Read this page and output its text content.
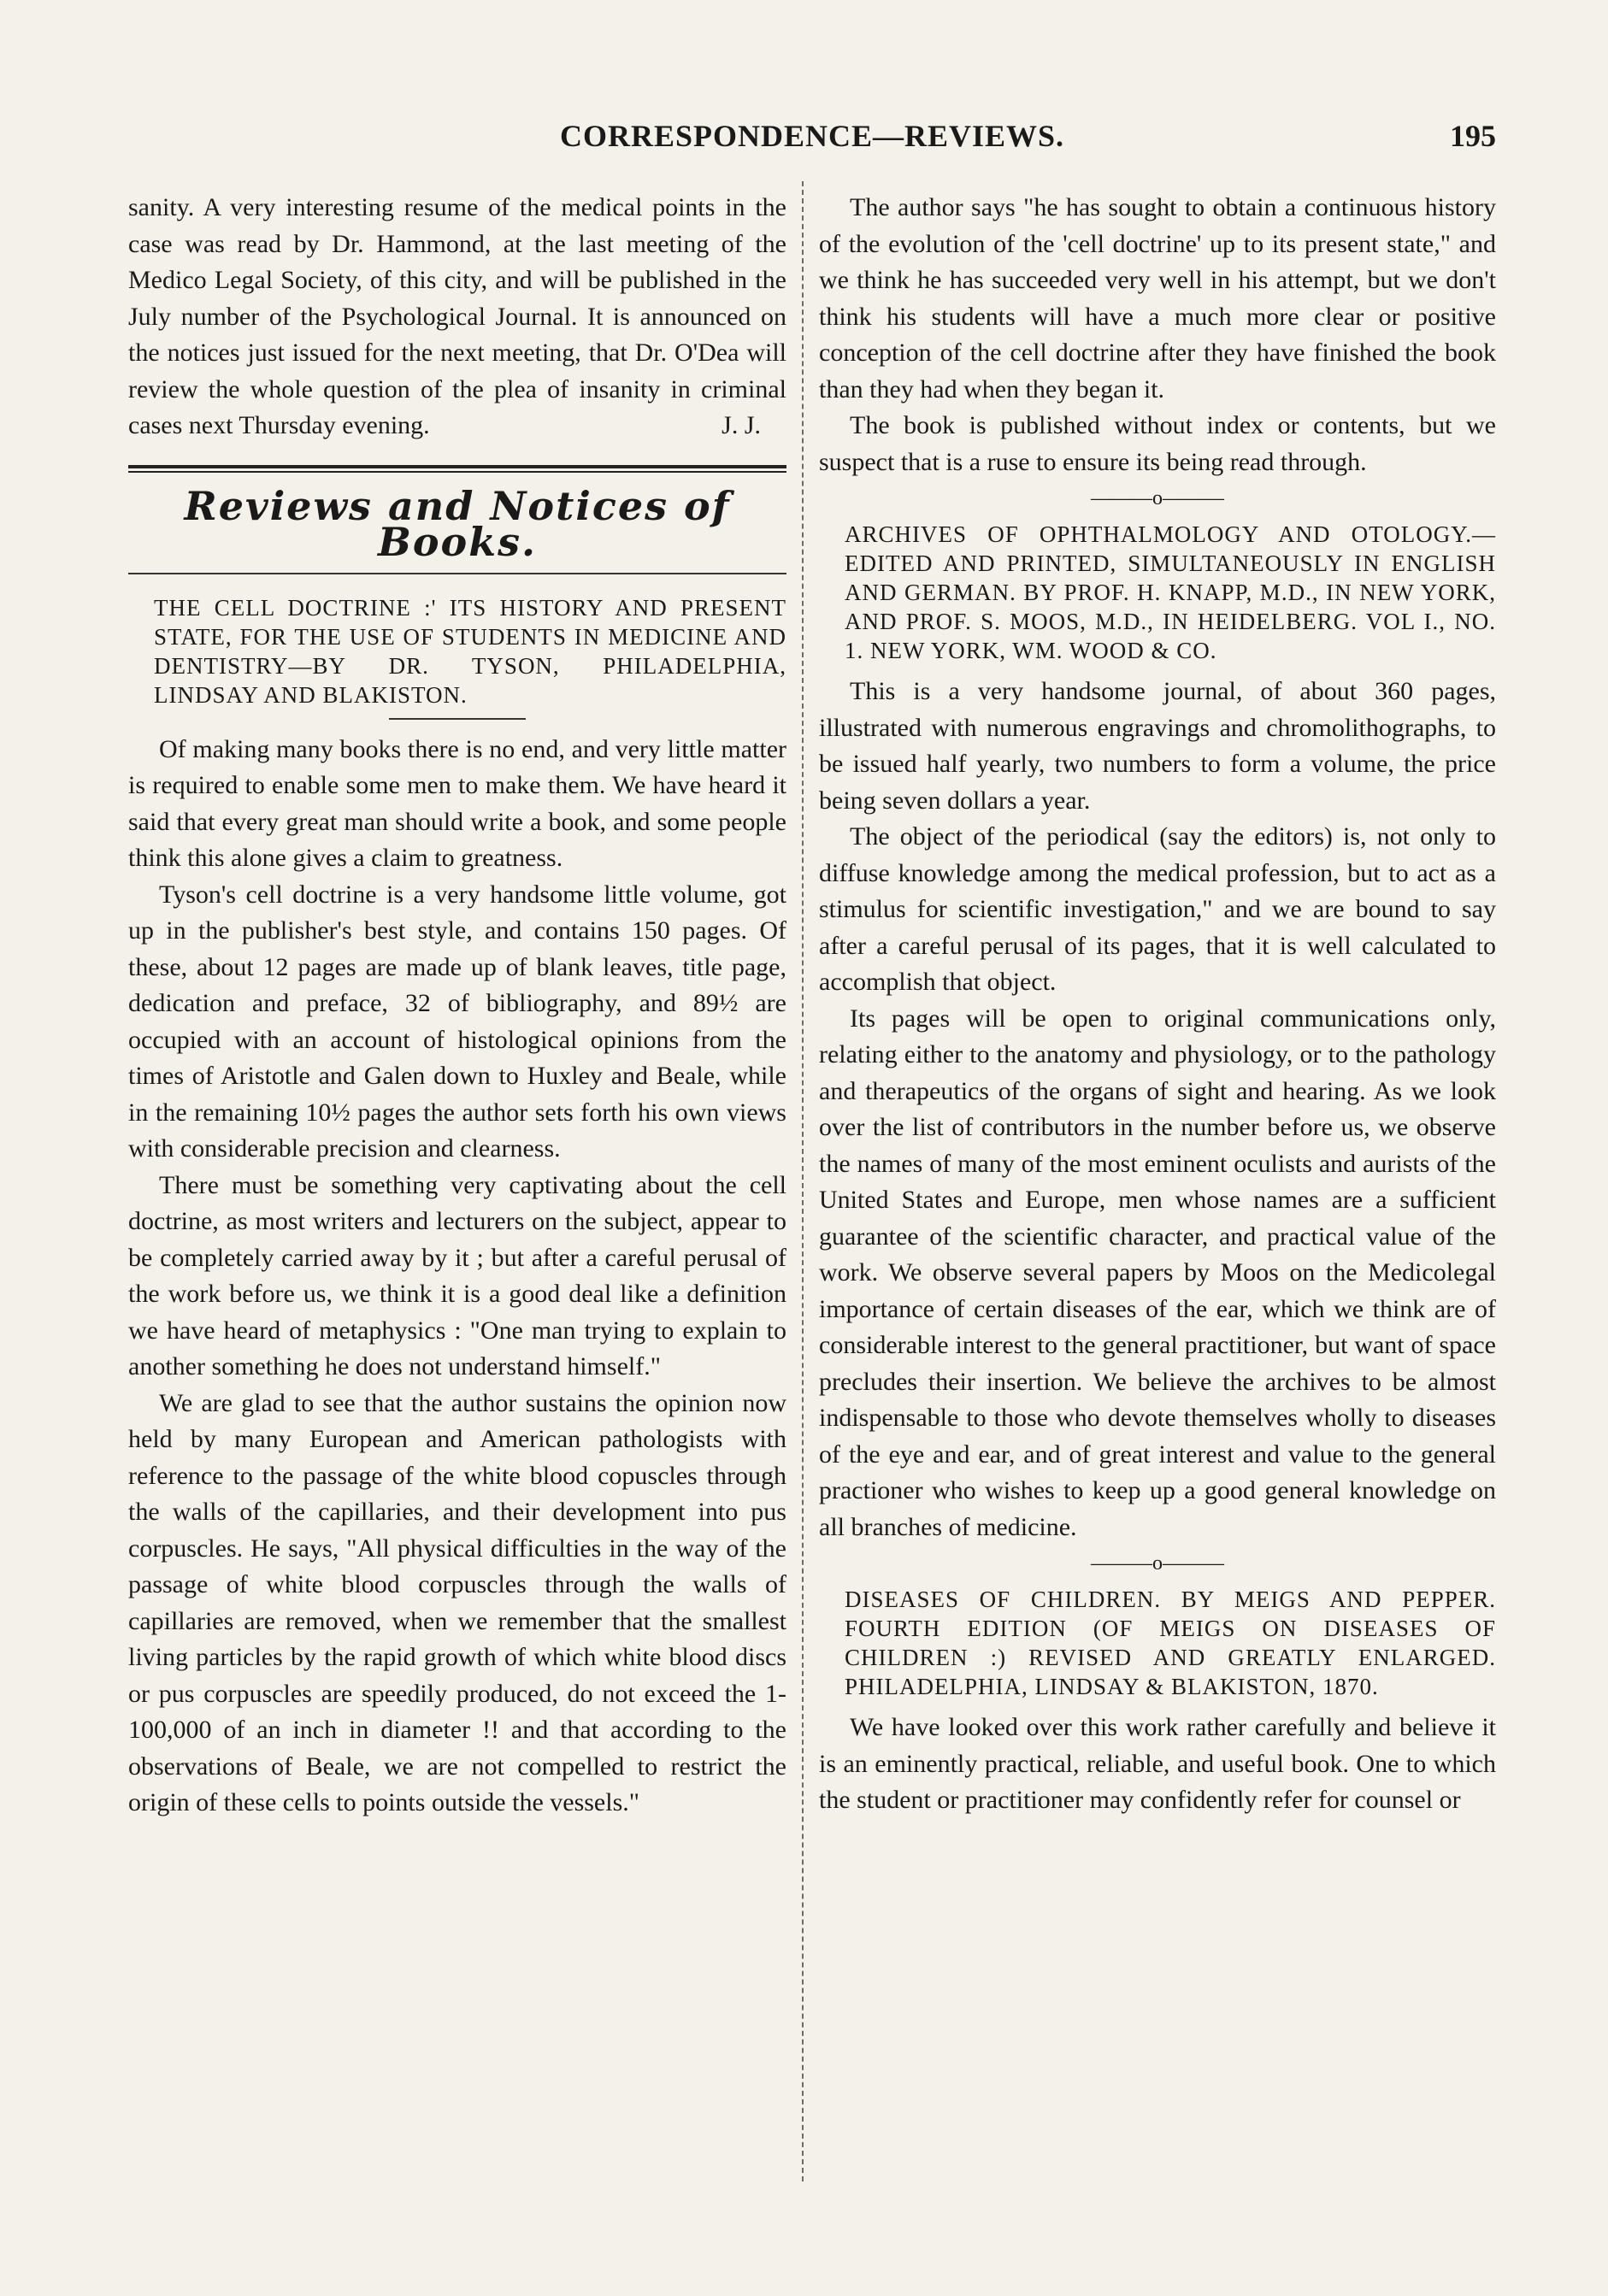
CORRESPONDENCE—REVIEWS.	195

sanity. A very interesting resume of the medical points in the case was read by Dr. Hammond, at the last meeting of the Medico Legal Society, of this city, and will be published in the July number of the Psychological Journal. It is announced on the notices just issued for the next meeting, that Dr. O'Dea will review the whole question of the plea of insanity in criminal cases next Thursday evening.	J. J.

Reviews and Notices of Books.

THE CELL DOCTRINE :' ITS HISTORY AND PRESENT STATE, FOR THE USE OF STUDENTS IN MEDICINE AND DENTISTRY—BY DR. TYSON, PHILADELPHIA, LINDSAY AND BLAKISTON.

Of making many books there is no end, and very little matter is required to enable some men to make them. We have heard it said that every great man should write a book, and some people think this alone gives a claim to greatness.

Tyson's cell doctrine is a very handsome little volume, got up in the publisher's best style, and contains 150 pages. Of these, about 12 pages are made up of blank leaves, title page, dedication and preface, 32 of bibliography, and 89½ are occupied with an account of histological opinions from the times of Aristotle and Galen down to Huxley and Beale, while in the remaining 10½ pages the author sets forth his own views with considerable precision and clearness.

There must be something very captivating about the cell doctrine, as most writers and lecturers on the subject, appear to be completely carried away by it ; but after a careful perusal of the work before us, we think it is a good deal like a definition we have heard of metaphysics : "One man trying to explain to another something he does not understand himself."

We are glad to see that the author sustains the opinion now held by many European and American pathologists with reference to the passage of the white blood copuscles through the walls of the capillaries, and their development into pus corpuscles. He says, "All physical difficulties in the way of the passage of white blood corpuscles through the walls of capillaries are removed, when we remember that the smallest living particles by the rapid growth of which white blood discs or pus corpuscles are speedily produced, do not exceed the 1-100,000 of an inch in diameter !! and that according to the observations of Beale, we are not compelled to restrict the origin of these cells to points outside the vessels."

The author says "he has sought to obtain a continuous history of the evolution of the 'cell doctrine' up to its present state," and we think he has succeeded very well in his attempt, but we don't think his students will have a much more clear or positive conception of the cell doctrine after they have finished the book than they had when they began it.

The book is published without index or contents, but we suspect that is a ruse to ensure its being read through.

———o———

ARCHIVES OF OPHTHALMOLOGY AND OTOLOGY.— EDITED AND PRINTED, SIMULTANEOUSLY IN ENGLISH AND GERMAN. BY PROF. H. KNAPP, M.D., IN NEW YORK, AND PROF. S. MOOS, M.D., IN HEIDELBERG. VOL I., NO. 1. NEW YORK, WM. WOOD & CO.

This is a very handsome journal, of about 360 pages, illustrated with numerous engravings and chromolithographs, to be issued half yearly, two numbers to form a volume, the price being seven dollars a year.

The object of the periodical (say the editors) is, not only to diffuse knowledge among the medical profession, but to act as a stimulus for scientific investigation," and we are bound to say after a careful perusal of its pages, that it is well calculated to accomplish that object.

Its pages will be open to original communications only, relating either to the anatomy and physiology, or to the pathology and therapeutics of the organs of sight and hearing. As we look over the list of contributors in the number before us, we observe the names of many of the most eminent oculists and aurists of the United States and Europe, men whose names are a sufficient guarantee of the scientific character, and practical value of the work. We observe several papers by Moos on the Medicolegal importance of certain diseases of the ear, which we think are of considerable interest to the general practitioner, but want of space precludes their insertion. We believe the archives to be almost indispensable to those who devote themselves wholly to diseases of the eye and ear, and of great interest and value to the general practioner who wishes to keep up a good general knowledge on all branches of medicine.

———o———

DISEASES OF CHILDREN. BY MEIGS AND PEPPER. FOURTH EDITION (OF MEIGS ON DISEASES OF CHILDREN :) REVISED AND GREATLY ENLARGED. PHILADELPHIA, LINDSAY & BLAKISTON, 1870.

We have looked over this work rather carefully and believe it is an eminently practical, reliable, and useful book. One to which the student or practitioner may confidently refer for counsel or
